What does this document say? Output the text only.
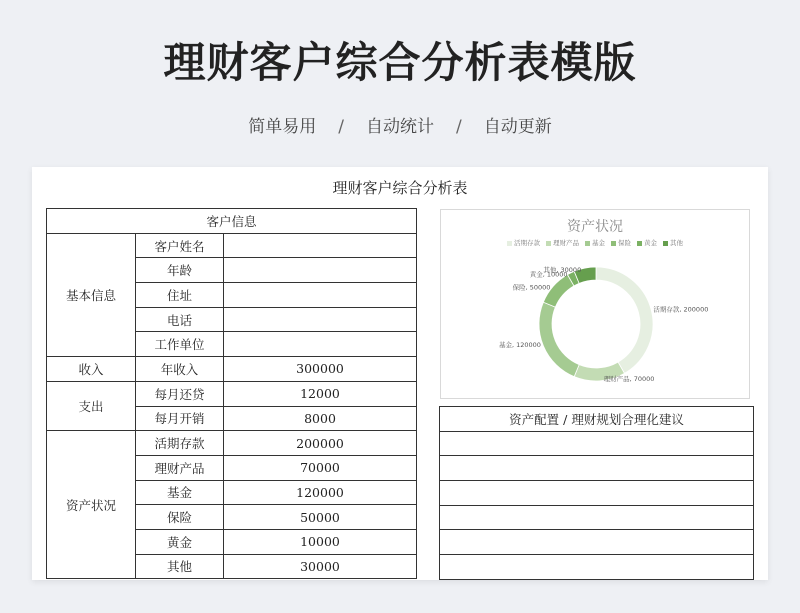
理财客户综合分析表模版
简单易用 / 自动统计 / 自动更新
理财客户综合分析表
客户信息		
基本信息	客户姓名	
	年龄	
	住址	
	电话	
	工作单位	
收入	年收入	300000
支出	每月还贷	12000
	每月开销	8000
资产状况	活期存款	200000
	理财产品	70000
	基金	120000
	保险	50000
	黄金	10000
	其他	30000
资产状况
活期存款 理财产品 基金 保险 黄金 其他
活期存款, 200000
理财产品, 70000
基金, 120000
保险, 50000
黄金, 10000
其他, 30000
资产配置 / 理财规划合理化建议
